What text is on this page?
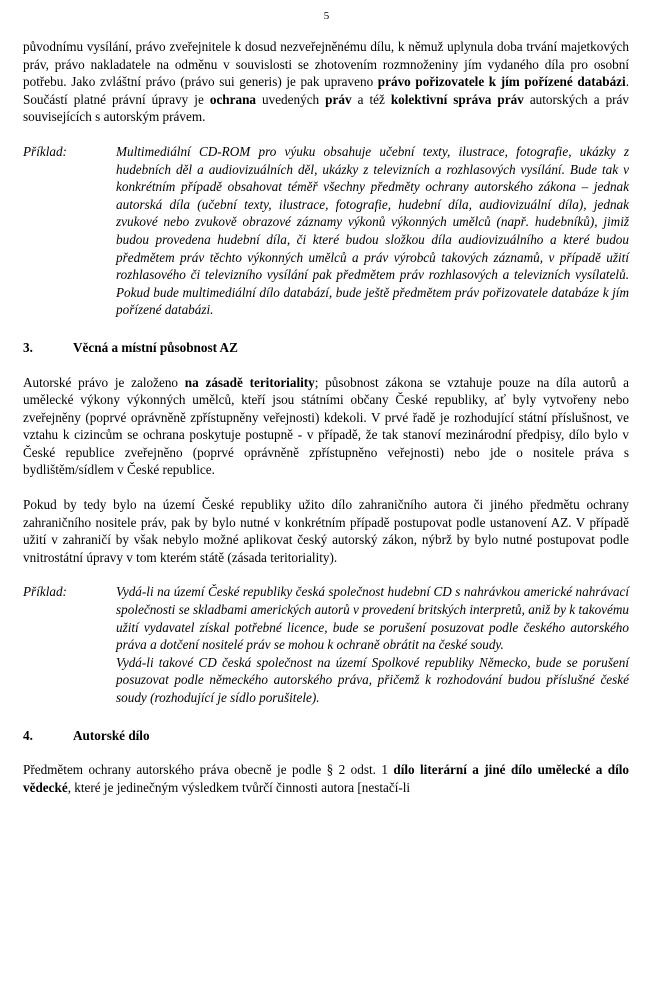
5

původnímu vysílání, právo zveřejnitele k dosud nezveřejněnému dílu, k němuž uplynula doba trvání majetkových práv, právo nakladatele na odměnu v souvislosti se zhotovením rozmnoženiny jím vydaného díla pro osobní potřebu. Jako zvláštní právo (právo sui generis) je pak upraveno právo pořizovatele k jím pořízené databázi. Součástí platné právní úpravy je ochrana uvedených práv a též kolektivní správa práv autorských a práv souvisejících s autorským právem.

Příklad:	Multimediální CD-ROM pro výuku obsahuje učební texty, ilustrace, fotografie, ukázky z hudebních děl a audiovizuálních děl, ukázky z televizních a rozhlasových vysílání. Bude tak v konkrétním případě obsahovat téměř všechny předměty ochrany autorského zákona – jednak autorská díla (učební texty, ilustrace, fotografie, hudební díla, audiovizuální díla), jednak zvukové nebo zvukově obrazové záznamy výkonů výkonných umělců (např. hudebníků), jimiž budou provedena hudební díla, či které budou složkou díla audiovizuálního a které budou předmětem práv těchto výkonných umělců a práv výrobců takových záznamů, v případě užití rozhlasového či televizního vysílání pak předmětem práv rozhlasových a televizních vysílatelů. Pokud bude multimediální dílo databází, bude ještě předmětem práv pořizovatele databáze k jím pořízené databázi.

3.	Věcná a místní působnost AZ

Autorské právo je založeno na zásadě teritoriality; působnost zákona se vztahuje pouze na díla autorů a umělecké výkony výkonných umělců, kteří jsou státními občany České republiky, ať byly vytvořeny nebo zveřejněny (poprvé oprávněně zpřístupněny veřejnosti) kdekoli. V prvé řadě je rozhodující státní příslušnost, ve vztahu k cizincům se ochrana poskytuje postupně - v případě, že tak stanoví mezinárodní předpisy, dílo bylo v České republice zveřejněno (poprvé oprávněně zpřístupněno veřejnosti) nebo jde o nositele práva s bydlištěm/sídlem v České republice.

Pokud by tedy bylo na území České republiky užito dílo zahraničního autora či jiného předmětu ochrany zahraničního nositele práv, pak by bylo nutné v konkrétním případě postupovat podle ustanovení AZ. V případě užití v zahraničí by však nebylo možné aplikovat český autorský zákon, nýbrž by bylo nutné postupovat podle vnitrostátní úpravy v tom kterém státě (zásada teritoriality).

Příklad:	Vydá-li na území České republiky česká společnost hudební CD s nahrávkou americké nahrávací společnosti se skladbami amerických autorů v provedení britských interpretů, aniž by k takovému užití vydavatel získal potřebné licence, bude se porušení posuzovat podle českého autorského práva a dotčení nositelé práv se mohou k ochraně obrátit na české soudy.

Vydá-li takové CD česká společnost na území Spolkové republiky Německo, bude se porušení posuzovat podle německého autorského práva, přičemž k rozhodování budou příslušné české soudy (rozhodující je sídlo porušitele).

4.	Autorské dílo

Předmětem ochrany autorského práva obecně je podle § 2 odst. 1 dílo literární a jiné dílo umělecké a dílo vědecké, které je jedinečným výsledkem tvůrčí činnosti autora [nestačí-li
